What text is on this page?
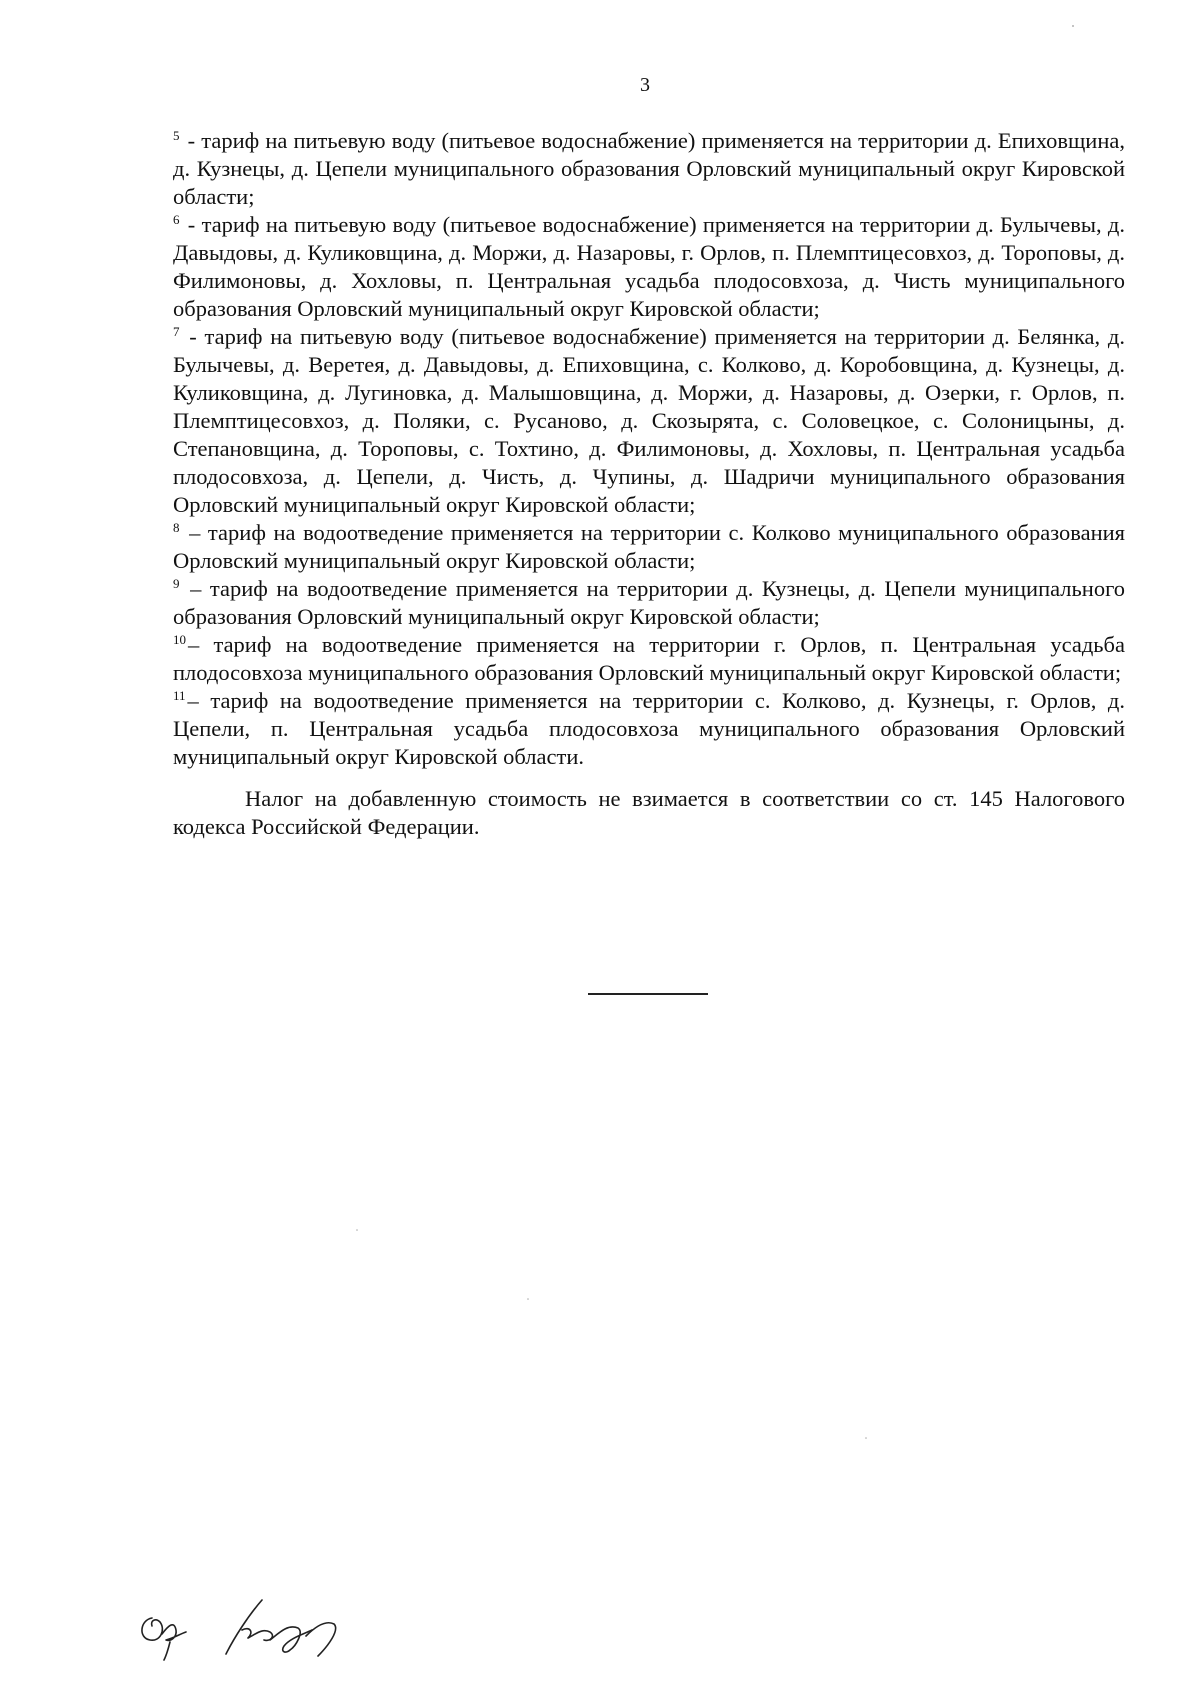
3

$^5$ - тариф на питьевую воду (питьевое водоснабжение) применяется на территории д. Епиховщина, д. Кузнецы, д. Цепели муниципального образования Орловский муниципальный округ Кировской области;

$^6$ - тариф на питьевую воду (питьевое водоснабжение) применяется на территории д. Булычевы, д. Давыдовы, д. Куликовщина, д. Моржи, д. Назаровы, г. Орлов, п. Племптицесовхоз, д. Тороповы, д. Филимоновы, д. Хохловы, п. Центральная усадьба плодосовхоза, д. Чисть муниципального образования Орловский муниципальный округ Кировской области;

$^7$ - тариф на питьевую воду (питьевое водоснабжение) применяется на территории д. Белянка, д. Булычевы, д. Веретея, д. Давыдовы, д. Епиховщина, с. Колково, д. Коробовщина, д. Кузнецы, д. Куликовщина, д. Лугиновка, д. Малышовщина, д. Моржи, д. Назаровы, д. Озерки, г. Орлов, п. Племптицесовхоз, д. Поляки, с. Русаново, д. Скозырята, с. Соловецкое, с. Солоницыны, д. Степановщина, д. Тороповы, с. Тохтино, д. Филимоновы, д. Хохловы, п. Центральная усадьба плодосовхоза, д. Цепели, д. Чисть, д. Чупины, д. Шадричи муниципального образования Орловский муниципальный округ Кировской области;

$^8$ – тариф на водоотведение применяется на территории с. Колково муниципального образования Орловский муниципальный округ Кировской области;

$^9$ – тариф на водоотведение применяется на территории д. Кузнецы, д. Цепели муниципального образования Орловский муниципальный округ Кировской области;

$^{10}$– тариф на водоотведение применяется на территории г. Орлов, п. Центральная усадьба плодосовхоза муниципального образования Орловский муниципальный округ Кировской области;

$^{11}$– тариф на водоотведение применяется на территории с. Колково, д. Кузнецы, г. Орлов, д. Цепели, п. Центральная усадьба плодосовхоза муниципального образования Орловский муниципальный округ Кировской области.

Налог на добавленную стоимость не взимается в соответствии со ст. 145 Налогового кодекса Российской Федерации.
